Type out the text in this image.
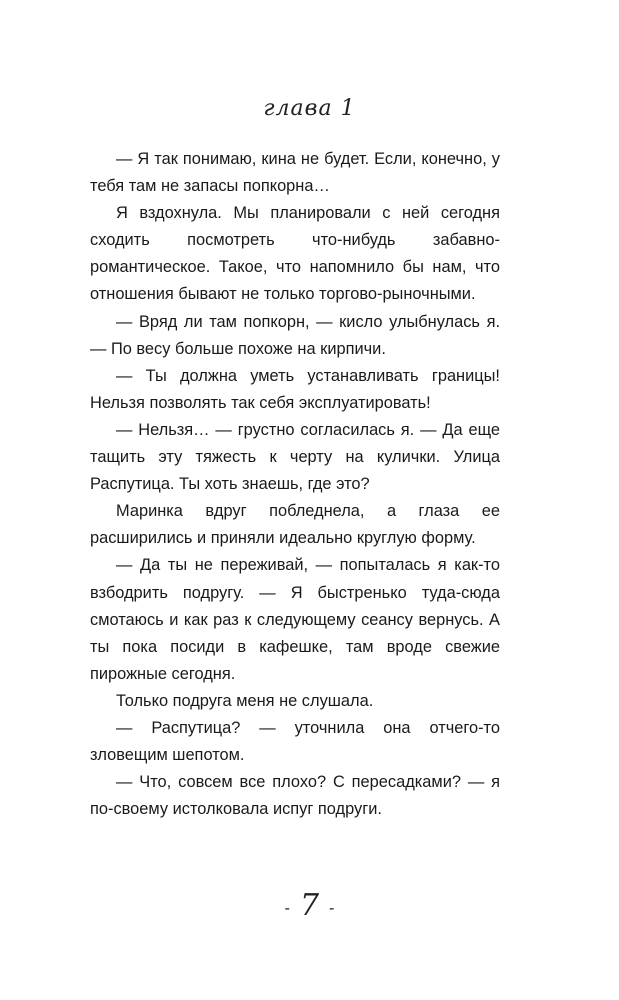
глава 1

— Я так понимаю, кина не будет. Если, конечно, у тебя там не запасы попкорна…

Я вздохнула. Мы планировали с ней сегодня сходить посмотреть что-нибудь забавно-романтическое. Такое, что напомнило бы нам, что отношения бывают не только торгово-рыночными.

— Вряд ли там попкорн, — кисло улыбнулась я. — По весу больше похоже на кирпичи.

— Ты должна уметь устанавливать границы! Нельзя позволять так себя эксплуатировать!

— Нельзя… — грустно согласилась я. — Да еще тащить эту тяжесть к черту на кулички. Улица Распутица. Ты хоть знаешь, где это?

Маринка вдруг побледнела, а глаза ее расширились и приняли идеально круглую форму.

— Да ты не переживай, — попыталась я как-то взбодрить подругу. — Я быстренько туда-сюда смотаюсь и как раз к следующему сеансу вернусь. А ты пока посиди в кафешке, там вроде свежие пирожные сегодня.

Только подруга меня не слушала.

— Распутица? — уточнила она отчего-то зловещим шепотом.

— Что, совсем все плохо? С пересадками? — я по-своему истолковала испуг подруги.

- 7 -
